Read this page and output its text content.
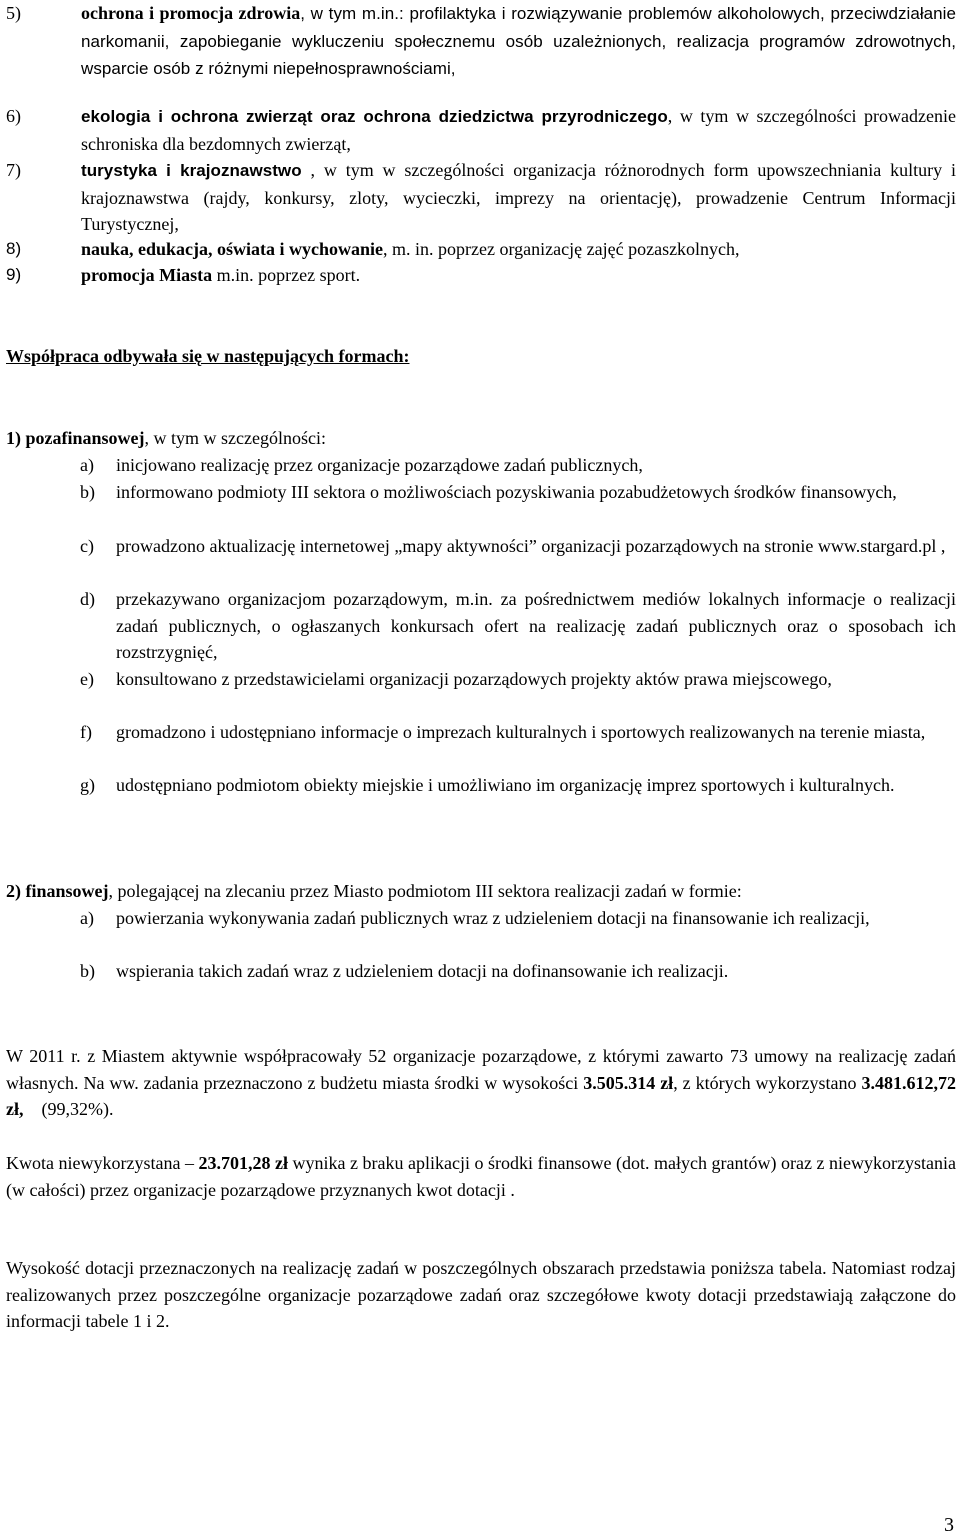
5)	ochrona i promocja zdrowia, w tym m.in.: profilaktyka i rozwiązywanie problemów alkoholowych, przeciwdziałanie narkomanii, zapobieganie wykluczeniu społecznemu osób uzależnionych, realizacja programów zdrowotnych, wsparcie osób z różnymi niepełnosprawnościami,
6)	ekologia i ochrona zwierząt oraz ochrona dziedzictwa przyrodniczego, w tym w szczególności prowadzenie schroniska dla bezdomnych zwierząt,
7)	turystyka i krajoznawstwo , w tym w szczególności organizacja różnorodnych form upowszechniania kultury i krajoznawstwa (rajdy, konkursy, zloty, wycieczki, imprezy na orientację), prowadzenie Centrum Informacji Turystycznej,
8)	nauka, edukacja, oświata i wychowanie, m. in. poprzez organizację zajęć pozaszkolnych,
9)	promocja Miasta m.in. poprzez sport.
Współpraca odbywała się w następujących formach:
1) pozafinansowej, w tym w szczególności:
a) inicjowano realizację przez organizacje pozarządowe zadań publicznych,
b) informowano podmioty III sektora o możliwościach pozyskiwania pozabudżetowych środków finansowych,
c) prowadzono aktualizację internetowej „mapy aktywności” organizacji pozarządowych na stronie www.stargard.pl ,
d) przekazywano organizacjom pozarządowym, m.in. za pośrednictwem mediów lokalnych informacje o realizacji zadań publicznych, o ogłaszanych konkursach ofert na realizację zadań publicznych oraz o sposobach ich rozstrzygnięć,
e) konsultowano z przedstawicielami organizacji pozarządowych projekty aktów prawa miejscowego,
f) gromadzono i udostępniano informacje o imprezach kulturalnych i sportowych realizowanych na terenie miasta,
g) udostępniano podmiotom obiekty miejskie i umożliwiano im organizację imprez sportowych i kulturalnych.
2) finansowej, polegającej na zlecaniu przez Miasto podmiotom III sektora realizacji zadań w formie:
a) powierzania wykonywania zadań publicznych wraz z udzieleniem dotacji na finansowanie ich realizacji,
b) wspierania takich zadań wraz z udzieleniem dotacji na dofinansowanie ich realizacji.
W 2011 r. z Miastem aktywnie współpracowały 52 organizacje pozarządowe, z którymi zawarto 73 umowy na realizację zadań własnych. Na ww. zadania przeznaczono z budżetu miasta środki w wysokości 3.505.314 zł, z których wykorzystano 3.481.612,72 zł,    (99,32%).
Kwota niewykorzystana – 23.701,28 zł wynika z braku aplikacji o środki finansowe (dot. małych grantów) oraz z niewykorzystania (w całości) przez organizacje pozarządowe przyznanych kwot dotacji .
Wysokość dotacji przeznaczonych na realizację zadań w poszczególnych obszarach przedstawia poniższa tabela. Natomiast rodzaj realizowanych przez poszczególne organizacje pozarządowe zadań oraz szczegółowe kwoty dotacji przedstawiają załączone do informacji tabele 1 i 2.
3
